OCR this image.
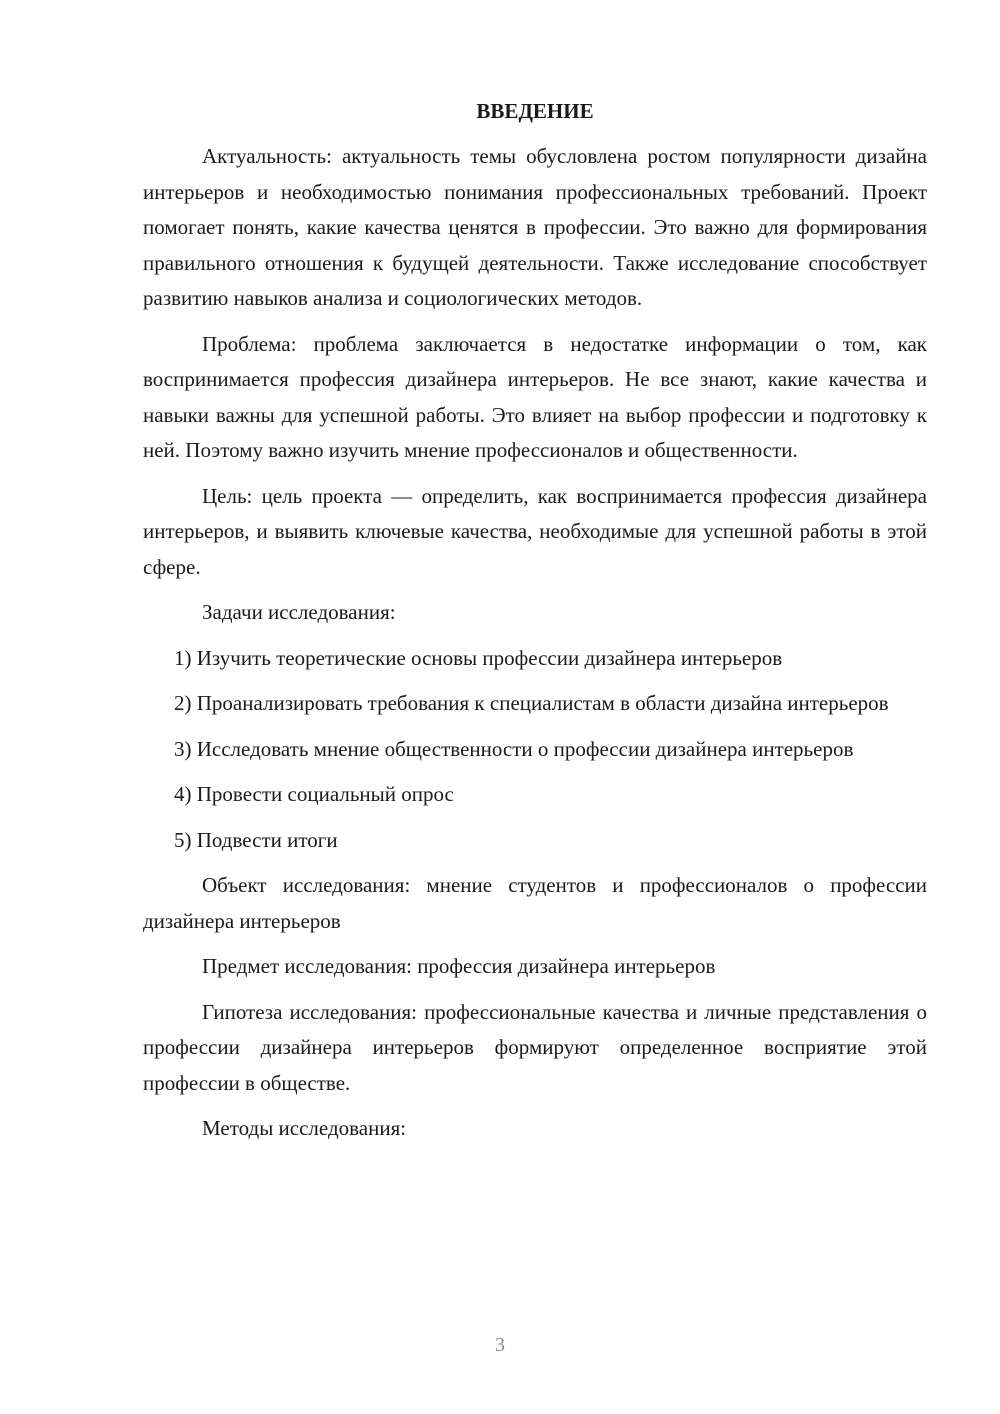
ВВЕДЕНИЕ

Актуальность: актуальность темы обусловлена ростом популярности дизайна интерьеров и необходимостью понимания профессиональных требований. Проект помогает понять, какие качества ценятся в профессии. Это важно для формирования правильного отношения к будущей деятельности. Также исследование способствует развитию навыков анализа и социологических методов.

Проблема: проблема заключается в недостатке информации о том, как воспринимается профессия дизайнера интерьеров. Не все знают, какие качества и навыки важны для успешной работы. Это влияет на выбор профессии и подготовку к ней. Поэтому важно изучить мнение профессионалов и общественности.

Цель: цель проекта — определить, как воспринимается профессия дизайнера интерьеров, и выявить ключевые качества, необходимые для успешной работы в этой сфере.

Задачи исследования:

1) Изучить теоретические основы профессии дизайнера интерьеров

2) Проанализировать требования к специалистам в области дизайна интерьеров

3) Исследовать мнение общественности о профессии дизайнера интерьеров

4) Провести социальный опрос

5) Подвести итоги

Объект исследования: мнение студентов и профессионалов о профессии дизайнера интерьеров

Предмет исследования: профессия дизайнера интерьеров

Гипотеза исследования: профессиональные качества и личные представления о профессии дизайнера интерьеров формируют определенное восприятие этой профессии в обществе.

Методы исследования:

3
